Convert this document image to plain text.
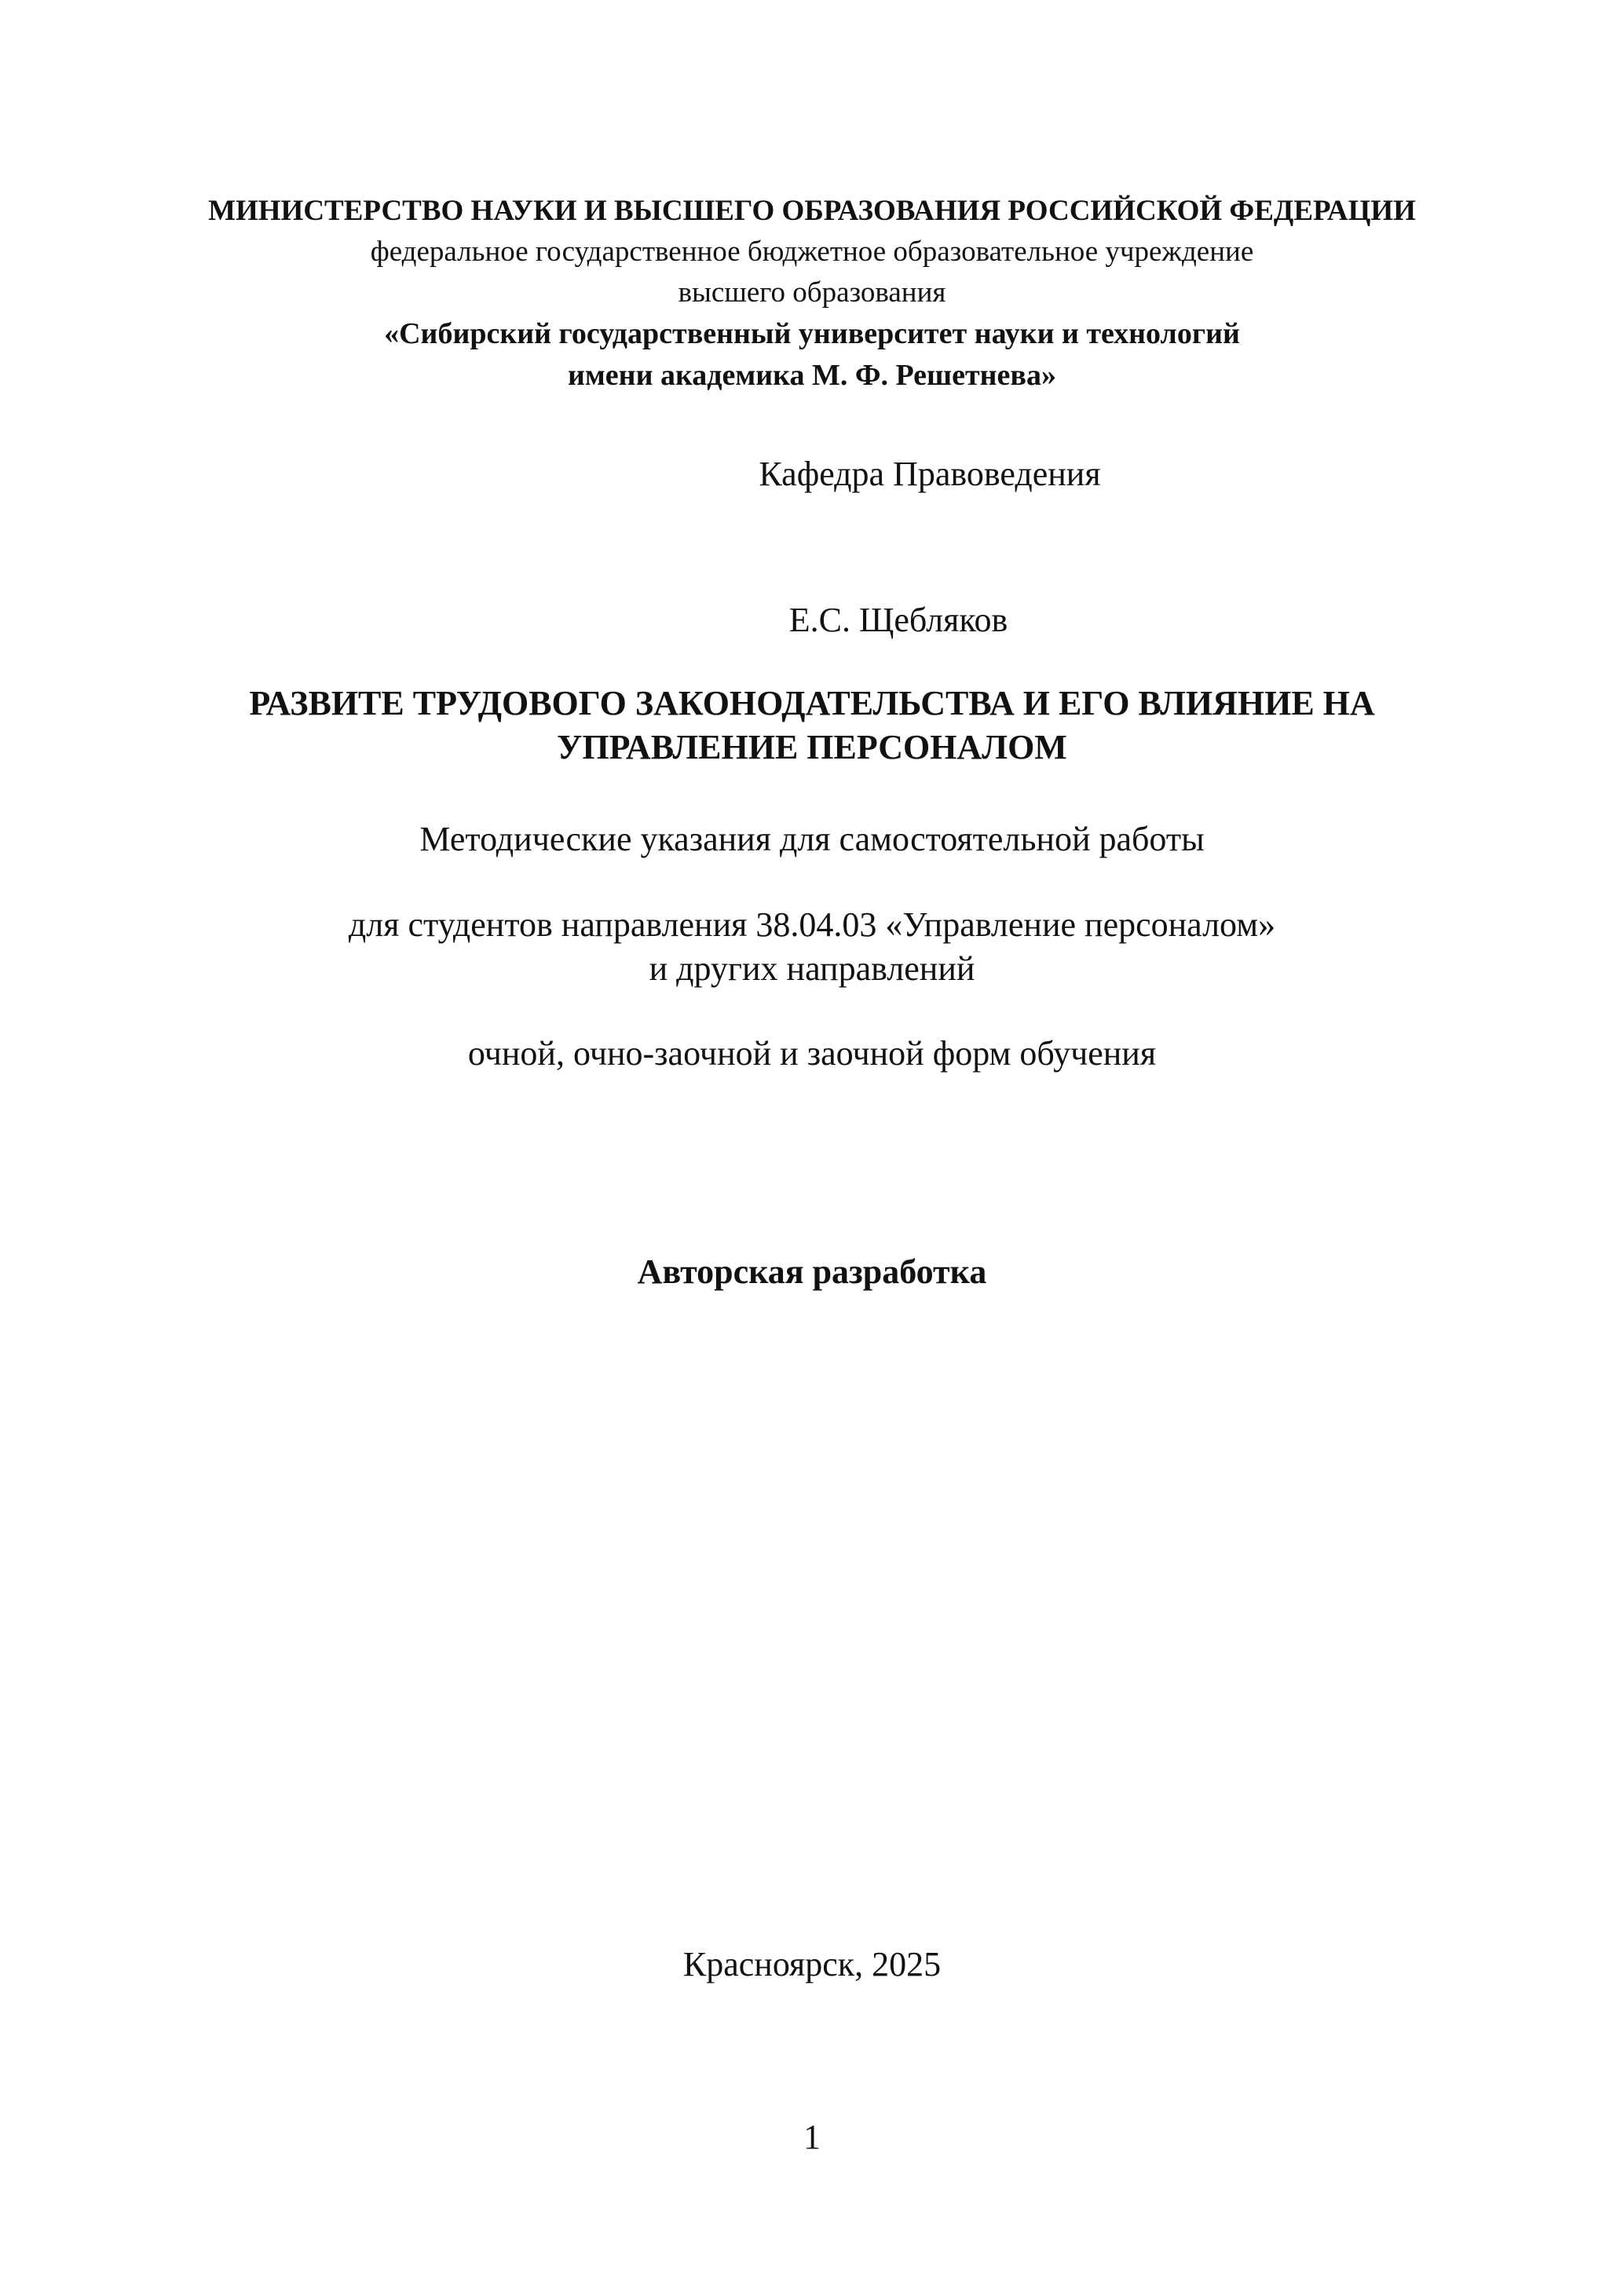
МИНИСТЕРСТВО НАУКИ И ВЫСШЕГО ОБРАЗОВАНИЯ РОССИЙСКОЙ ФЕДЕРАЦИИ
федеральное государственное бюджетное образовательное учреждение
высшего образования
«Сибирский государственный университет науки и технологий
имени академика М. Ф. Решетнева»
Кафедра Правоведения
Е.С. Щебляков
РАЗВИТЕ ТРУДОВОГО ЗАКОНОДАТЕЛЬСТВА И ЕГО ВЛИЯНИЕ НА
УПРАВЛЕНИЕ ПЕРСОНАЛОМ
Методические указания для самостоятельной работы
для студентов направления 38.04.03 «Управление персоналом»
и других направлений
очной, очно-заочной и заочной форм обучения
Авторская разработка
Красноярск, 2025
1
